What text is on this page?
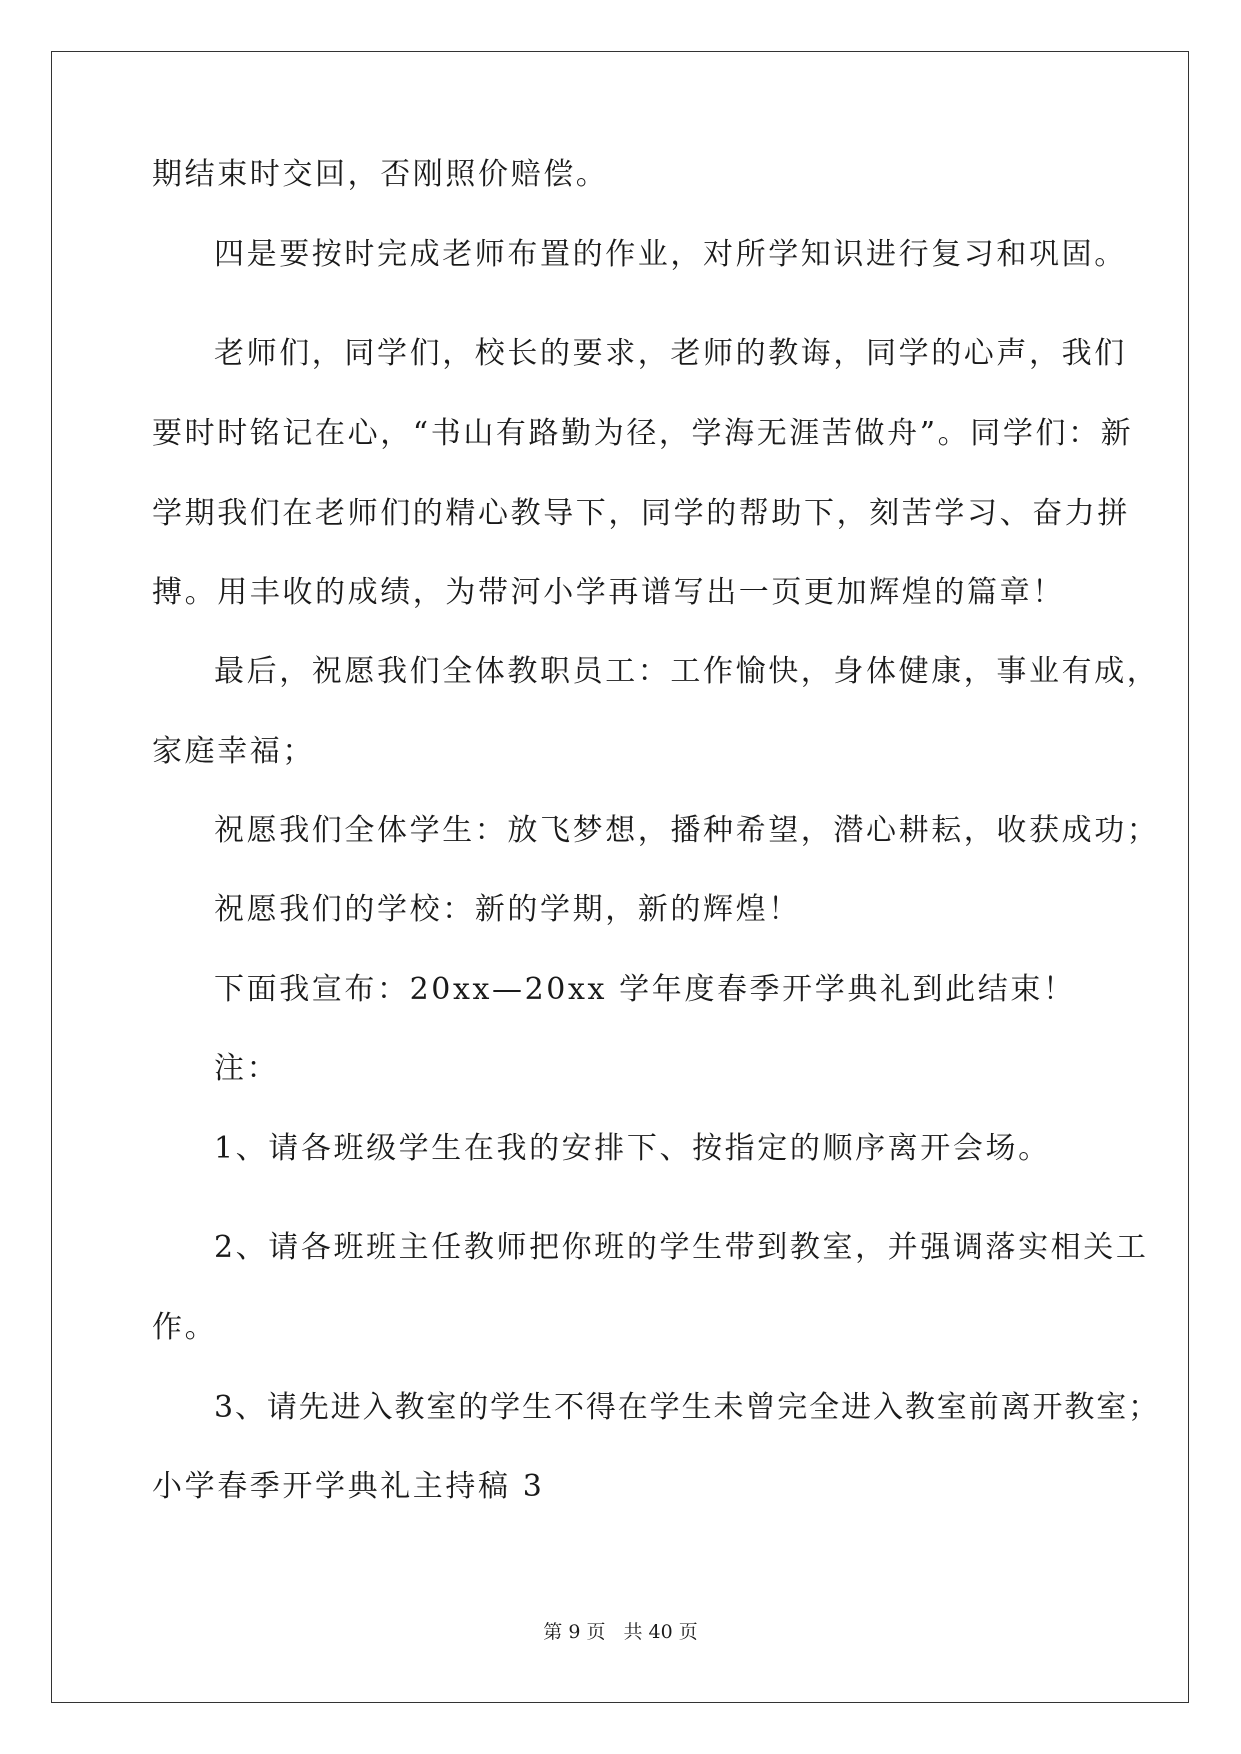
期结束时交回，否刚照价赔偿。
四是要按时完成老师布置的作业，对所学知识进行复习和巩固。
老师们，同学们，校长的要求，老师的教诲，同学的心声，我们
要时时铭记在心，“书山有路勤为径，学海无涯苦做舟”。同学们：新
学期我们在老师们的精心教导下，同学的帮助下，刻苦学习、奋力拼
搏。用丰收的成绩，为带河小学再谱写出一页更加辉煌的篇章！
最后，祝愿我们全体教职员工：工作愉快，身体健康，事业有成，
家庭幸福；
祝愿我们全体学生：放飞梦想，播种希望，潜心耕耘，收获成功；
祝愿我们的学校：新的学期，新的辉煌！
下面我宣布：20xx—20xx 学年度春季开学典礼到此结束！
注：
1、请各班级学生在我的安排下、按指定的顺序离开会场。
2、请各班班主任教师把你班的学生带到教室，并强调落实相关工
作。
3、请先进入教室的学生不得在学生未曾完全进入教室前离开教室；
小学春季开学典礼主持稿 3
第 9 页 共 40 页
